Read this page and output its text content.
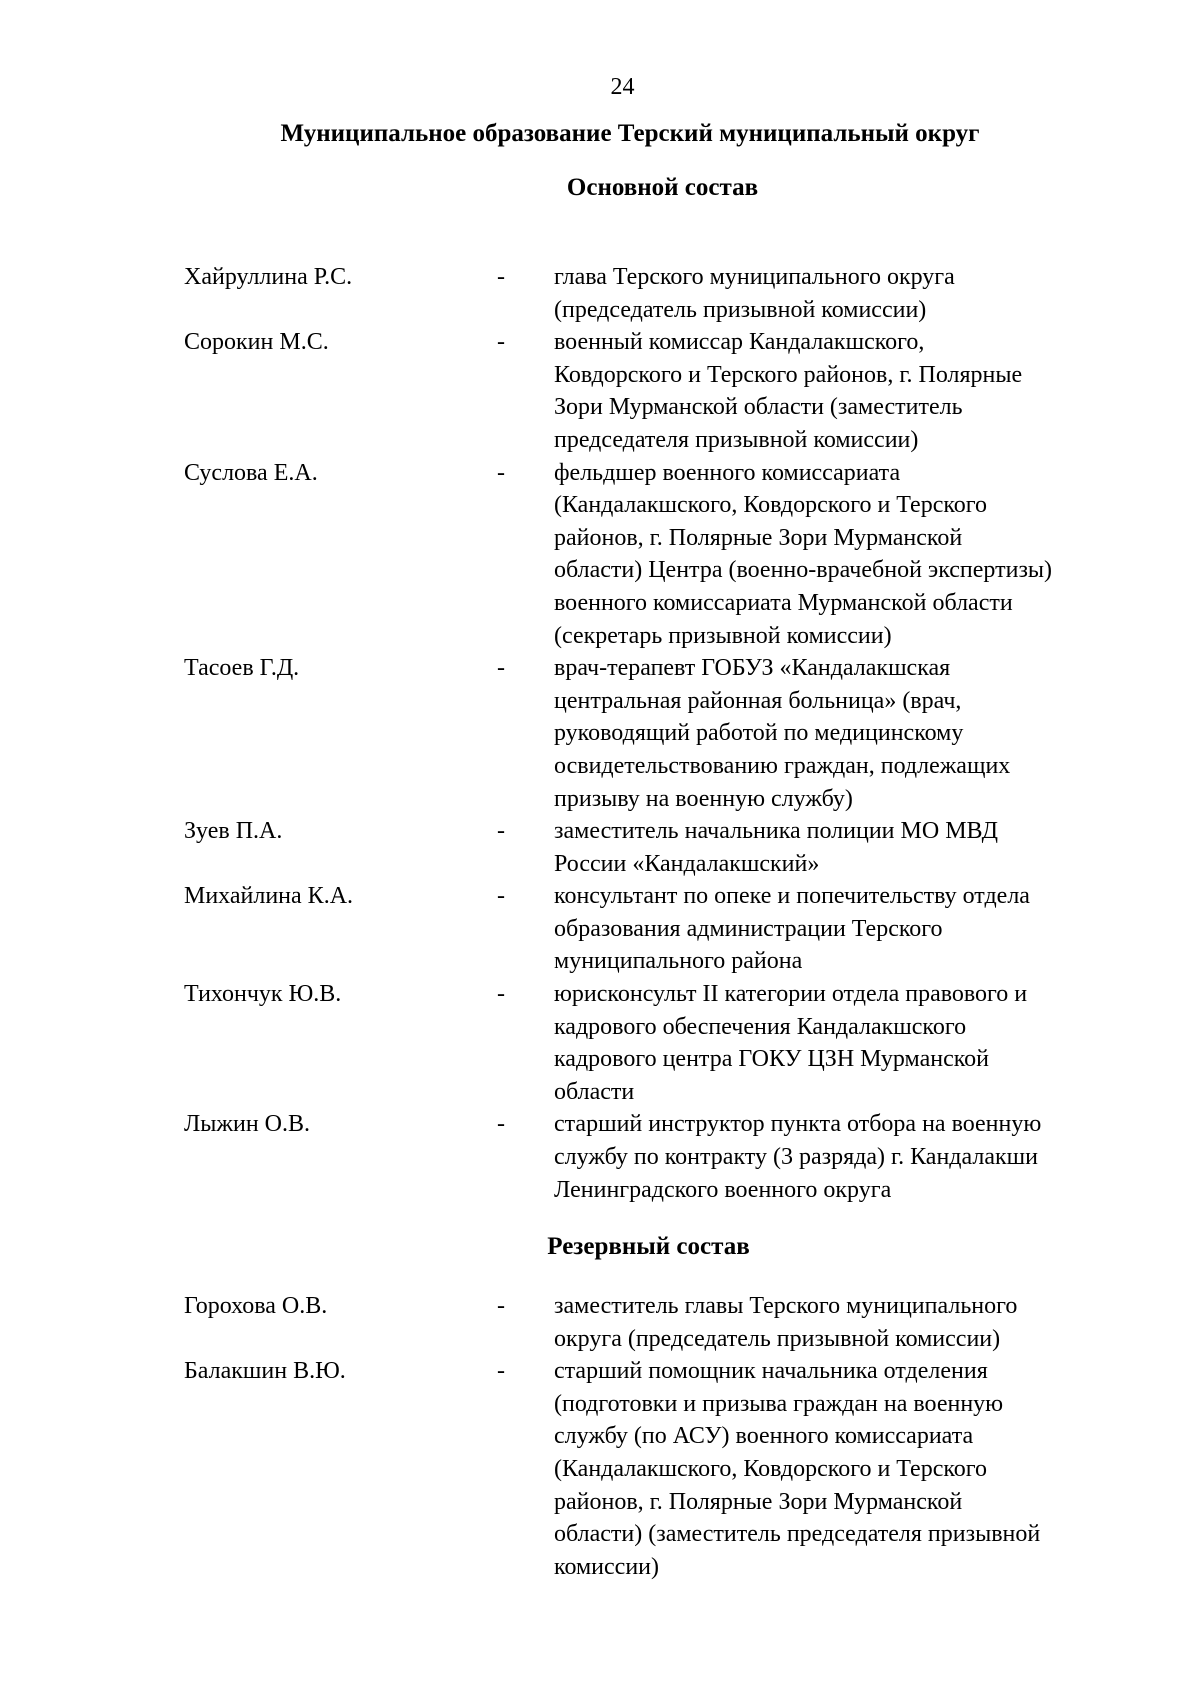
24
Муниципальное образование Терский муниципальный округ
Основной состав
Хайруллина Р.С.	- глава Терского муниципального округа
(председатель призывной комиссии)
Сорокин М.С.	- военный комиссар Кандалакшского,
Ковдорского и Терского районов, г. Полярные
Зори Мурманской области (заместитель
председателя призывной комиссии)
Суслова Е.А.	- фельдшер военного комиссариата
(Кандалакшского, Ковдорского и Терского
районов, г. Полярные Зори Мурманской
области) Центра (военно-врачебной экспертизы)
военного комиссариата Мурманской области
(секретарь призывной комиссии)
Тасоев Г.Д.	- врач-терапевт ГОБУЗ «Кандалакшская
центральная районная больница» (врач,
руководящий работой по медицинскому
освидетельствованию граждан, подлежащих
призыву на военную службу)
Зуев П.А.	- заместитель начальника полиции МО МВД
России «Кандалакшский»
Михайлина К.А.	- консультант по опеке и попечительству отдела
образования администрации Терского
муниципального района
Тихончук Ю.В.	- юрисконсульт II категории отдела правового и
кадрового обеспечения Кандалакшского
кадрового центра ГОКУ ЦЗН Мурманской
области
Лыжин О.В.	- старший инструктор пункта отбора на военную
службу по контракту (3 разряда) г. Кандалакши
Ленинградского военного округа
Резервный состав
Горохова О.В.	- заместитель главы Терского муниципального
округа (председатель призывной комиссии)
Балакшин В.Ю.	- старший помощник начальника отделения
(подготовки и призыва граждан на военную
службу (по АСУ) военного комиссариата
(Кандалакшского, Ковдорского и Терского
районов, г. Полярные Зори Мурманской
области) (заместитель председателя призывной
комиссии)
